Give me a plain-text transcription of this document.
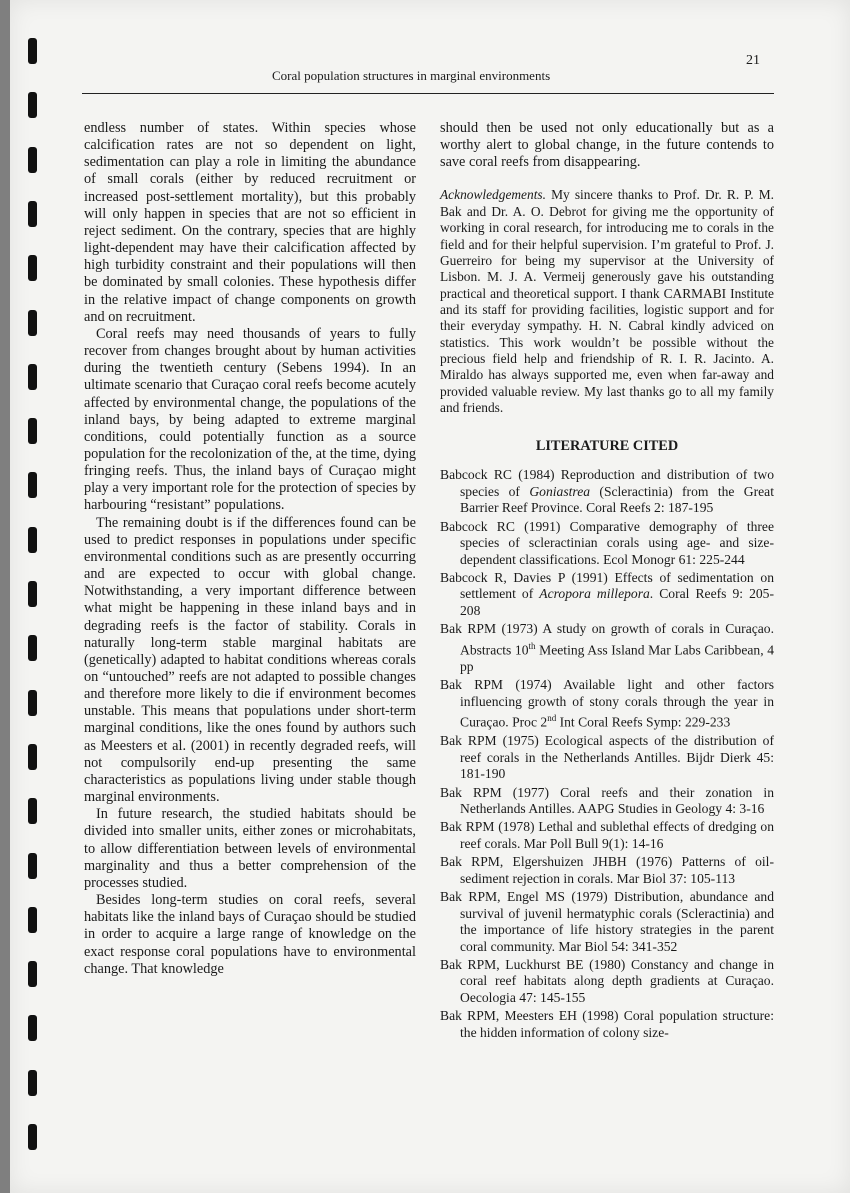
21
Coral population structures in marginal environments

endless number of states. Within species whose calcification rates are not so dependent on light, sedimentation can play a role in limiting the abundance of small corals (either by reduced recruitment or increased post-settlement mortality), but this probably will only happen in species that are not so efficient in reject sediment. On the contrary, species that are highly light-dependent may have their calcification affected by high turbidity constraint and their populations will then be dominated by small colonies. These hypothesis differ in the relative impact of change components on growth and on recruitment.

Coral reefs may need thousands of years to fully recover from changes brought about by human activities during the twentieth century (Sebens 1994). In an ultimate scenario that Curaçao coral reefs become acutely affected by environmental change, the populations of the inland bays, by being adapted to extreme marginal conditions, could potentially function as a source population for the recolonization of the, at the time, dying fringing reefs. Thus, the inland bays of Curaçao might play a very important role for the protection of species by harbouring “resistant” populations.

The remaining doubt is if the differences found can be used to predict responses in populations under specific environmental conditions such as are presently occurring and are expected to occur with global change. Notwithstanding, a very important difference between what might be happening in these inland bays and in degrading reefs is the factor of stability. Corals in naturally long-term stable marginal habitats are (genetically) adapted to habitat conditions whereas corals on “untouched” reefs are not adapted to possible changes and therefore more likely to die if environment becomes unstable. This means that populations under short-term marginal conditions, like the ones found by authors such as Meesters et al. (2001) in recently degraded reefs, will not compulsorily end-up presenting the same characteristics as populations living under stable though marginal environments.

In future research, the studied habitats should be divided into smaller units, either zones or microhabitats, to allow differentiation between levels of environmental marginality and thus a better comprehension of the processes studied.

Besides long-term studies on coral reefs, several habitats like the inland bays of Curaçao should be studied in order to acquire a large range of knowledge on the exact response coral populations have to environmental change. That knowledge

should then be used not only educationally but as a worthy alert to global change, in the future contends to save coral reefs from disappearing.

Acknowledgements. My sincere thanks to Prof. Dr. R. P. M. Bak and Dr. A. O. Debrot for giving me the opportunity of working in coral research, for introducing me to corals in the field and for their helpful supervision. I’m grateful to Prof. J. Guerreiro for being my supervisor at the University of Lisbon. M. J. A. Vermeij generously gave his outstanding practical and theoretical support. I thank CARMABI Institute and its staff for providing facilities, logistic support and for their everyday sympathy. H. N. Cabral kindly adviced on statistics. This work wouldn’t be possible without the precious field help and friendship of R. I. R. Jacinto. A. Miraldo has always supported me, even when far-away and provided valuable review. My last thanks go to all my family and friends.

LITERATURE CITED

Babcock RC (1984) Reproduction and distribution of two species of Goniastrea (Scleractinia) from the Great Barrier Reef Province. Coral Reefs 2: 187-195

Babcock RC (1991) Comparative demography of three species of scleractinian corals using age- and size-dependent classifications. Ecol Monogr 61: 225-244

Babcock R, Davies P (1991) Effects of sedimentation on settlement of Acropora millepora. Coral Reefs 9: 205-208

Bak RPM (1973) A study on growth of corals in Curaçao. Abstracts 10th Meeting Ass Island Mar Labs Caribbean, 4 pp

Bak RPM (1974) Available light and other factors influencing growth of stony corals through the year in Curaçao. Proc 2nd Int Coral Reefs Symp: 229-233

Bak RPM (1975) Ecological aspects of the distribution of reef corals in the Netherlands Antilles. Bijdr Dierk 45: 181-190

Bak RPM (1977) Coral reefs and their zonation in Netherlands Antilles. AAPG Studies in Geology 4: 3-16

Bak RPM (1978) Lethal and sublethal effects of dredging on reef corals. Mar Poll Bull 9(1): 14-16

Bak RPM, Elgershuizen JHBH (1976) Patterns of oil-sediment rejection in corals. Mar Biol 37: 105-113

Bak RPM, Engel MS (1979) Distribution, abundance and survival of juvenil hermatyphic corals (Scleractinia) and the importance of life history strategies in the parent coral community. Mar Biol 54: 341-352

Bak RPM, Luckhurst BE (1980) Constancy and change in coral reef habitats along depth gradients at Curaçao. Oecologia 47: 145-155

Bak RPM, Meesters EH (1998) Coral population structure: the hidden information of colony size-
